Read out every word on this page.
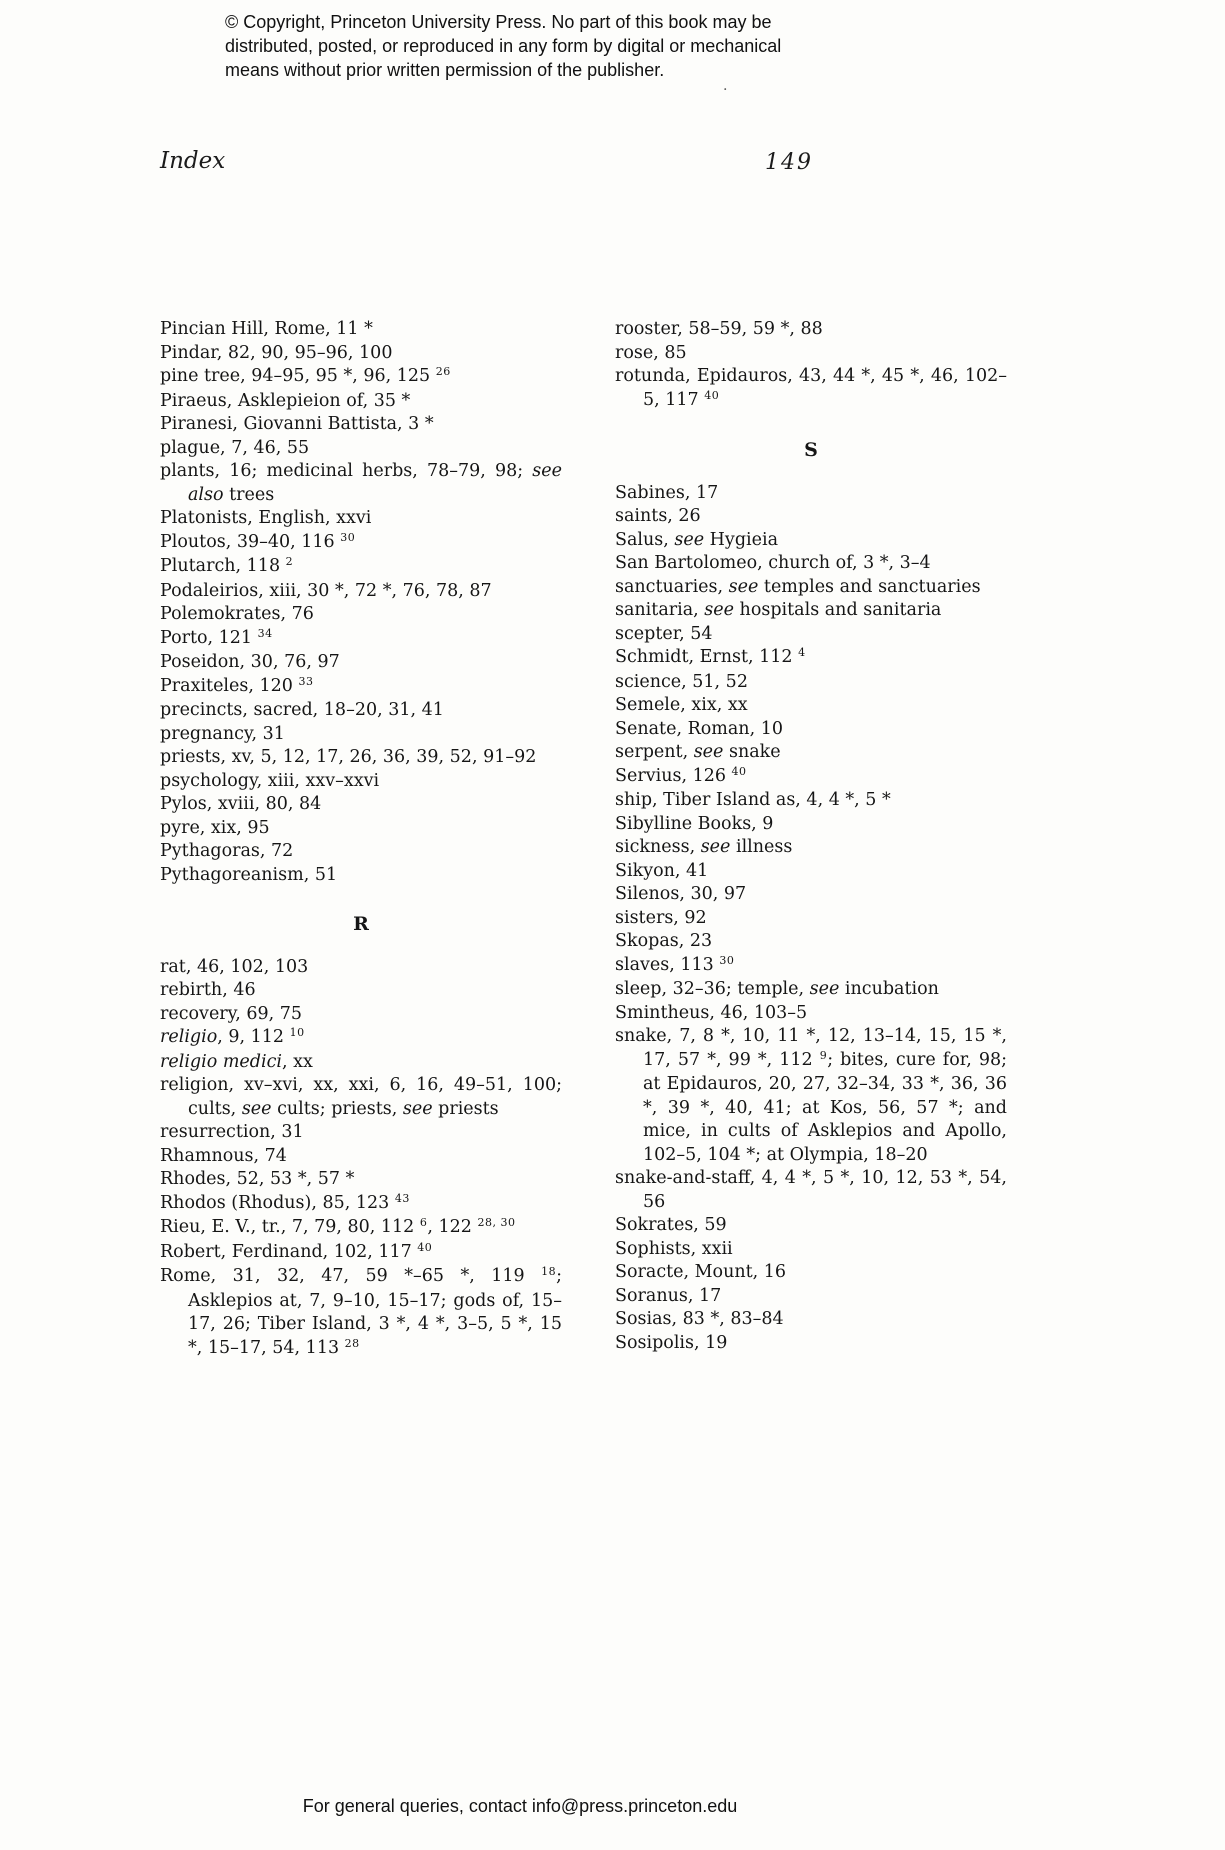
© Copyright, Princeton University Press. No part of this book may be
distributed, posted, or reproduced in any form by digital or mechanical
means without prior written permission of the publisher.
.
Index	149

Pincian Hill, Rome, 11 *

Pindar, 82, 90, 95–96, 100

pine tree, 94–95, 95 *, 96, 125 $^{26}$

Piraeus, Asklepieion of, 35 *

Piranesi, Giovanni Battista, 3 *

plague, 7, 46, 55

plants, 16; medicinal herbs, 78–79, 98; see also trees

Platonists, English, xxvi

Ploutos, 39–40, 116 $^{30}$

Plutarch, 118 $^2$

Podaleirios, xiii, 30 *, 72 *, 76, 78, 87

Polemokrates, 76

Porto, 121 $^{34}$

Poseidon, 30, 76, 97

Praxiteles, 120 $^{33}$

precincts, sacred, 18–20, 31, 41

pregnancy, 31

priests, xv, 5, 12, 17, 26, 36, 39, 52, 91–92

psychology, xiii, xxv–xxvi

Pylos, xviii, 80, 84

pyre, xix, 95

Pythagoras, 72

Pythagoreanism, 51

R

rat, 46, 102, 103

rebirth, 46

recovery, 69, 75

religio, 9, 112 $^{10}$

religio medici, xx

religion, xv–xvi, xx, xxi, 6, 16, 49–51, 100; cults, see cults; priests, see priests

resurrection, 31

Rhamnous, 74

Rhodes, 52, 53 *, 57 *

Rhodos (Rhodus), 85, 123 $^{43}$

Rieu, E. V., tr., 7, 79, 80, 112 $^6$, 122 $^{28, 30}$

Robert, Ferdinand, 102, 117 $^{40}$

Rome, 31, 32, 47, 59 *–65 *, 119 $^{18}$; Asklepios at, 7, 9–10, 15–17; gods of, 15–17, 26; Tiber Island, 3 *, 4 *, 3–5, 5 *, 15 *, 15–17, 54, 113 $^{28}$

rooster, 58–59, 59 *, 88

rose, 85

rotunda, Epidauros, 43, 44 *, 45 *, 46, 102–5, 117 $^{40}$

S

Sabines, 17

saints, 26

Salus, see Hygieia

San Bartolomeo, church of, 3 *, 3–4

sanctuaries, see temples and sanctuaries

sanitaria, see hospitals and sanitaria

scepter, 54

Schmidt, Ernst, 112 $^4$

science, 51, 52

Semele, xix, xx

Senate, Roman, 10

serpent, see snake

Servius, 126 $^{40}$

ship, Tiber Island as, 4, 4 *, 5 *

Sibylline Books, 9

sickness, see illness

Sikyon, 41

Silenos, 30, 97

sisters, 92

Skopas, 23

slaves, 113 $^{30}$

sleep, 32–36; temple, see incubation

Smintheus, 46, 103–5

snake, 7, 8 *, 10, 11 *, 12, 13–14, 15, 15 *, 17, 57 *, 99 *, 112 $^9$; bites, cure for, 98; at Epidauros, 20, 27, 32–34, 33 *, 36, 36 *, 39 *, 40, 41; at Kos, 56, 57 *; and mice, in cults of Asklepios and Apollo, 102–5, 104 *; at Olympia, 18–20

snake-and-staff, 4, 4 *, 5 *, 10, 12, 53 *, 54, 56

Sokrates, 59

Sophists, xxii

Soracte, Mount, 16

Soranus, 17

Sosias, 83 *, 83–84

Sosipolis, 19

For general queries, contact info@press.princeton.edu
